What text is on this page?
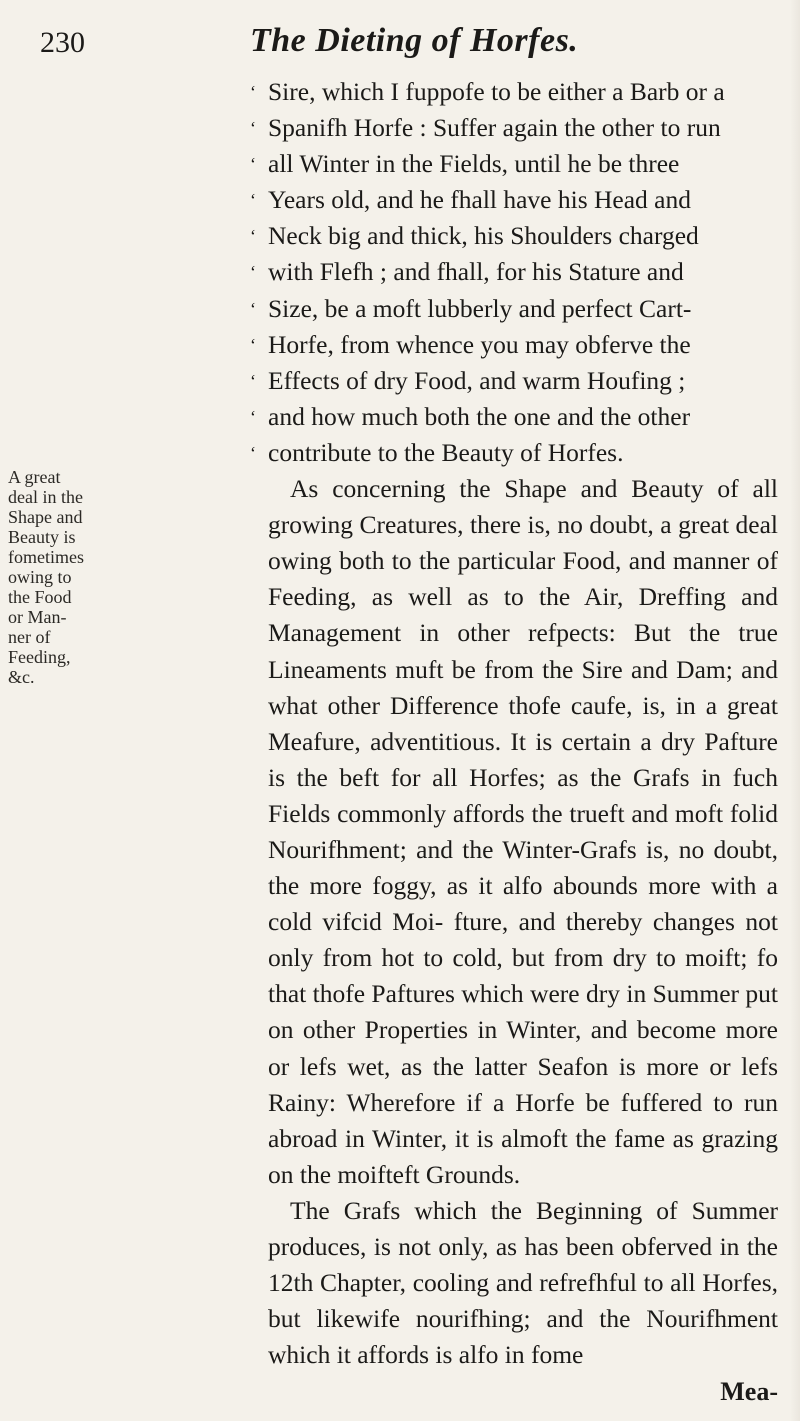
230	The Dieting of Horfes.
‘ Sire, which I fuppofe to be either a Barb or a
‘ Spanifh Horfe : Suffer again the other to run
‘ all Winter in the Fields, until he be three
‘ Years old, and he fhall have his Head and
‘ Neck big and thick, his Shoulders charged
‘ with Flefh ; and fhall, for his Stature and
‘ Size, be a moft lubberly and perfect Cart-
‘ Horfe, from whence you may obferve the
‘ Effects of dry Food, and warm Houfing ;
‘ and how much both the one and the other
‘ contribute to the Beauty of Horfes.

As concerning the Shape and Beauty of all growing Creatures, there is, no doubt, a great deal owing both to the particular Food, and manner of Feeding, as well as to the Air, Dreffing and Management in other refpects: But the true Lineaments muft be from the Sire and Dam; and what other Difference thofe caufe, is, in a great Meafure, adventitious. It is certain a dry Pafture is the beft for all Horfes; as the Grafs in fuch Fields commonly affords the trueft and moft folid Nourifhment; and the Winter-Grafs is, no doubt, the more foggy, as it alfo abounds more with a cold vifcid Moi- fture, and thereby changes not only from hot to cold, but from dry to moift; fo that thofe Paftures which were dry in Summer put on other Properties in Winter, and become more or lefs wet, as the latter Seafon is more or lefs Rainy: Wherefore if a Horfe be fuffered to run abroad in Winter, it is almoft the fame as grazing on the moifteft Grounds.

The Grafs which the Beginning of Summer produces, is not only, as has been obferved in the 12th Chapter, cooling and refrefhful to all Horfes, but likewife nourifhing; and the Nourifhment which it affords is alfo in fome

A great
deal in the
Shape and
Beauty is
fometimes
owing to
the Food
or Man-
ner of
Feeding,
&c.
Mea-
